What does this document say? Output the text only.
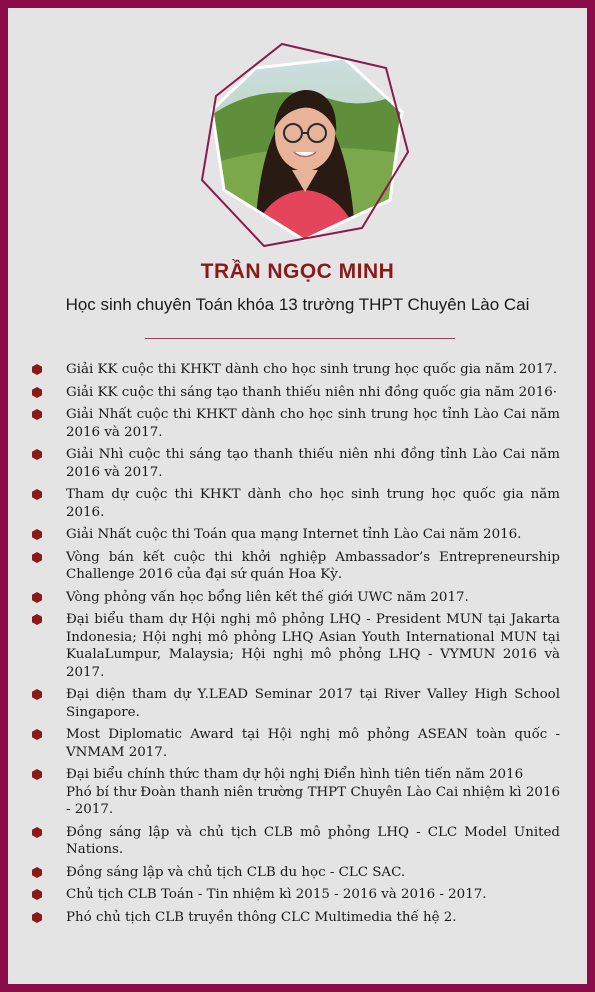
TRẦN NGỌC MINH
Học sinh chuyên Toán khóa 13 trường THPT Chuyên Lào Cai
Giải KK cuộc thi KHKT dành cho học sinh trung học quốc gia năm 2017.
Giải KK cuộc thi sáng tạo thanh thiếu niên nhi đồng quốc gia năm 2016·
Giải Nhất cuộc thi KHKT dành cho học sinh trung học tỉnh Lào Cai năm 2016 và 2017.
Giải Nhì cuộc thi sáng tạo thanh thiếu niên nhi đồng tỉnh Lào Cai năm 2016 và 2017.
Tham dự cuộc thi KHKT dành cho học sinh trung học quốc gia năm 2016.
Giải Nhất cuộc thi Toán qua mạng Internet tỉnh Lào Cai năm 2016.
Vòng bán kết cuộc thi khởi nghiệp Ambassador’s Entrepreneurship Challenge 2016 của đại sứ quán Hoa Kỳ.
Vòng phỏng vấn học bổng liên kết thế giới UWC năm 2017.
Đại biểu tham dự Hội nghị mô phỏng LHQ - President MUN tại Jakarta Indonesia; Hội nghị mô phỏng LHQ Asian Youth International MUN tại KualaLumpur, Malaysia; Hội nghị mô phỏng LHQ - VYMUN 2016 và 2017.
Đại diện tham dự Y.LEAD Seminar 2017 tại River Valley High School Singapore.
Most Diplomatic Award tại Hội nghị mô phỏng ASEAN toàn quốc - VNMAM 2017.
Đại biểu chính thức tham dự hội nghị Điển hình tiên tiến năm 2016
Phó bí thư Đoàn thanh niên trường THPT Chuyên Lào Cai nhiệm kì 2016 - 2017.
Đồng sáng lập và chủ tịch CLB mô phỏng LHQ - CLC Model United Nations.
Đồng sáng lập và chủ tịch CLB du học - CLC SAC.
Chủ tịch CLB Toán - Tin nhiệm kì 2015 - 2016 và 2016 - 2017.
Phó chủ tịch CLB truyền thông CLC Multimedia thế hệ 2.
